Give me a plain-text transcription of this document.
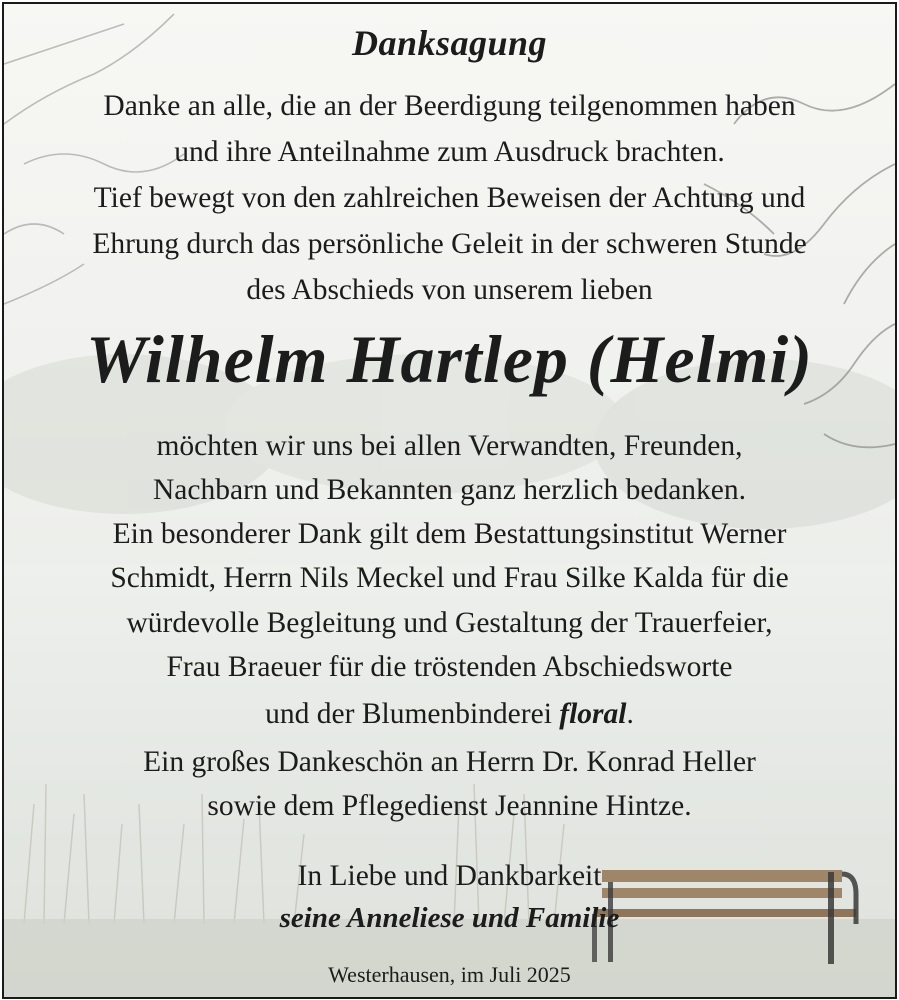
Danksagung
Danke an alle, die an der Beerdigung teilgenommen haben
und ihre Anteilnahme zum Ausdruck brachten.
Tief bewegt von den zahlreichen Beweisen der Achtung und
Ehrung durch das persönliche Geleit in der schweren Stunde
des Abschieds von unserem lieben
Wilhelm Hartlep (Helmi)
möchten wir uns bei allen Verwandten, Freunden,
Nachbarn und Bekannten ganz herzlich bedanken.
Ein besonderer Dank gilt dem Bestattungsinstitut Werner
Schmidt, Herrn Nils Meckel und Frau Silke Kalda für die
würdevolle Begleitung und Gestaltung der Trauerfeier,
Frau Braeuer für die tröstenden Abschiedsworte
und der Blumenbinderei floral.
Ein großes Dankeschön an Herrn Dr. Konrad Heller
sowie dem Pflegedienst Jeannine Hintze.
In Liebe und Dankbarkeit
seine Anneliese und Familie
Westerhausen, im Juli 2025
